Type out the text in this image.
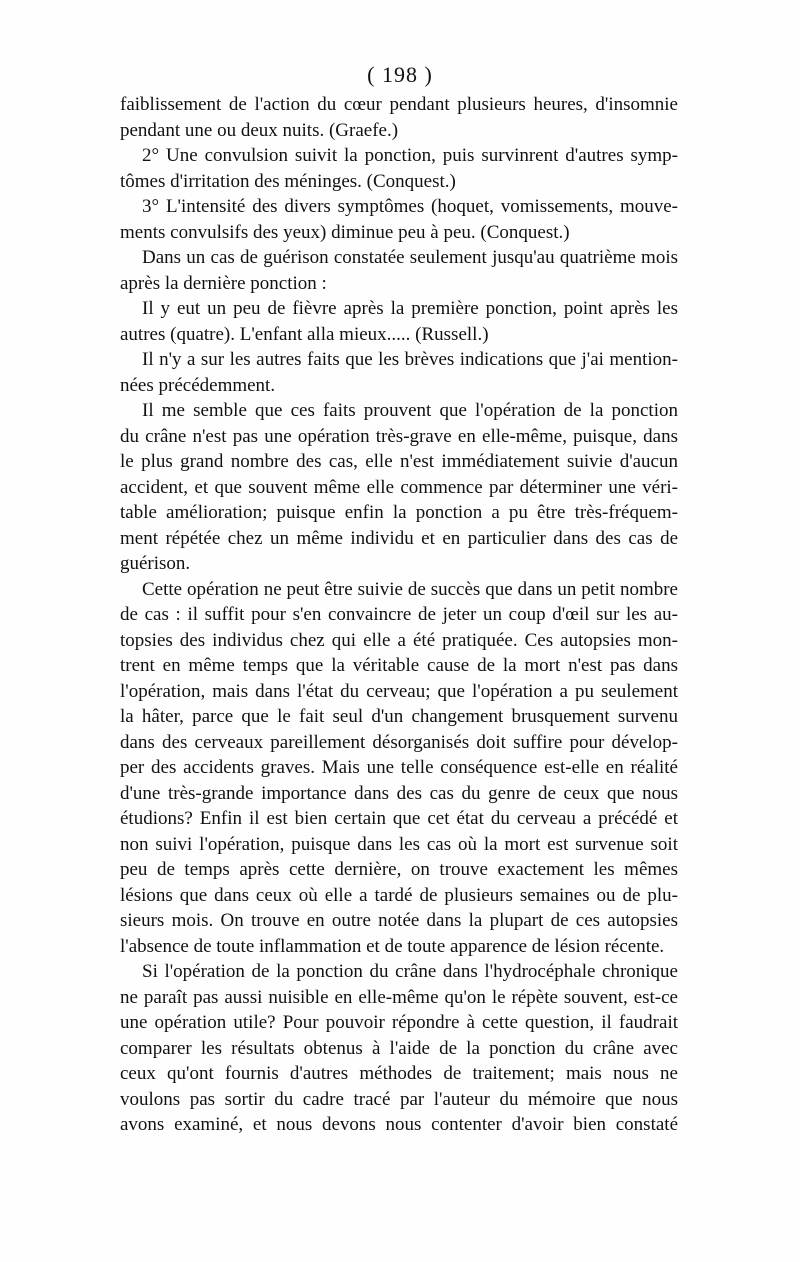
( 198 )
faiblissement de l'action du cœur pendant plusieurs heures, d'insomnie
pendant une ou deux nuits. (Graefe.)
2° Une convulsion suivit la ponction, puis survinrent d'autres symp-
tômes d'irritation des méninges. (Conquest.)
3° L'intensité des divers symptômes (hoquet, vomissements, mouve-
ments convulsifs des yeux) diminue peu à peu. (Conquest.)
Dans un cas de guérison constatée seulement jusqu'au quatrième mois
après la dernière ponction :
Il y eut un peu de fièvre après la première ponction, point après les
autres (quatre). L'enfant alla mieux..... (Russell.)
Il n'y a sur les autres faits que les brèves indications que j'ai mention-
nées précédemment.
Il me semble que ces faits prouvent que l'opération de la ponction
du crâne n'est pas une opération très-grave en elle-même, puisque, dans
le plus grand nombre des cas, elle n'est immédiatement suivie d'aucun
accident, et que souvent même elle commence par déterminer une véri-
table amélioration; puisque enfin la ponction a pu être très-fréquem-
ment répétée chez un même individu et en particulier dans des cas de
guérison.
Cette opération ne peut être suivie de succès que dans un petit nombre
de cas : il suffit pour s'en convaincre de jeter un coup d'œil sur les au-
topsies des individus chez qui elle a été pratiquée. Ces autopsies mon-
trent en même temps que la véritable cause de la mort n'est pas dans
l'opération, mais dans l'état du cerveau; que l'opération a pu seulement
la hâter, parce que le fait seul d'un changement brusquement survenu
dans des cerveaux pareillement désorganisés doit suffire pour dévelop-
per des accidents graves. Mais une telle conséquence est-elle en réalité
d'une très-grande importance dans des cas du genre de ceux que nous
étudions? Enfin il est bien certain que cet état du cerveau a précédé et
non suivi l'opération, puisque dans les cas où la mort est survenue soit
peu de temps après cette dernière, on trouve exactement les mêmes
lésions que dans ceux où elle a tardé de plusieurs semaines ou de plu-
sieurs mois. On trouve en outre notée dans la plupart de ces autopsies
l'absence de toute inflammation et de toute apparence de lésion récente.
Si l'opération de la ponction du crâne dans l'hydrocéphale chronique
ne paraît pas aussi nuisible en elle-même qu'on le répète souvent, est-ce
une opération utile? Pour pouvoir répondre à cette question, il faudrait
comparer les résultats obtenus à l'aide de la ponction du crâne avec
ceux qu'ont fournis d'autres méthodes de traitement; mais nous ne
voulons pas sortir du cadre tracé par l'auteur du mémoire que nous
avons examiné, et nous devons nous contenter d'avoir bien constaté
